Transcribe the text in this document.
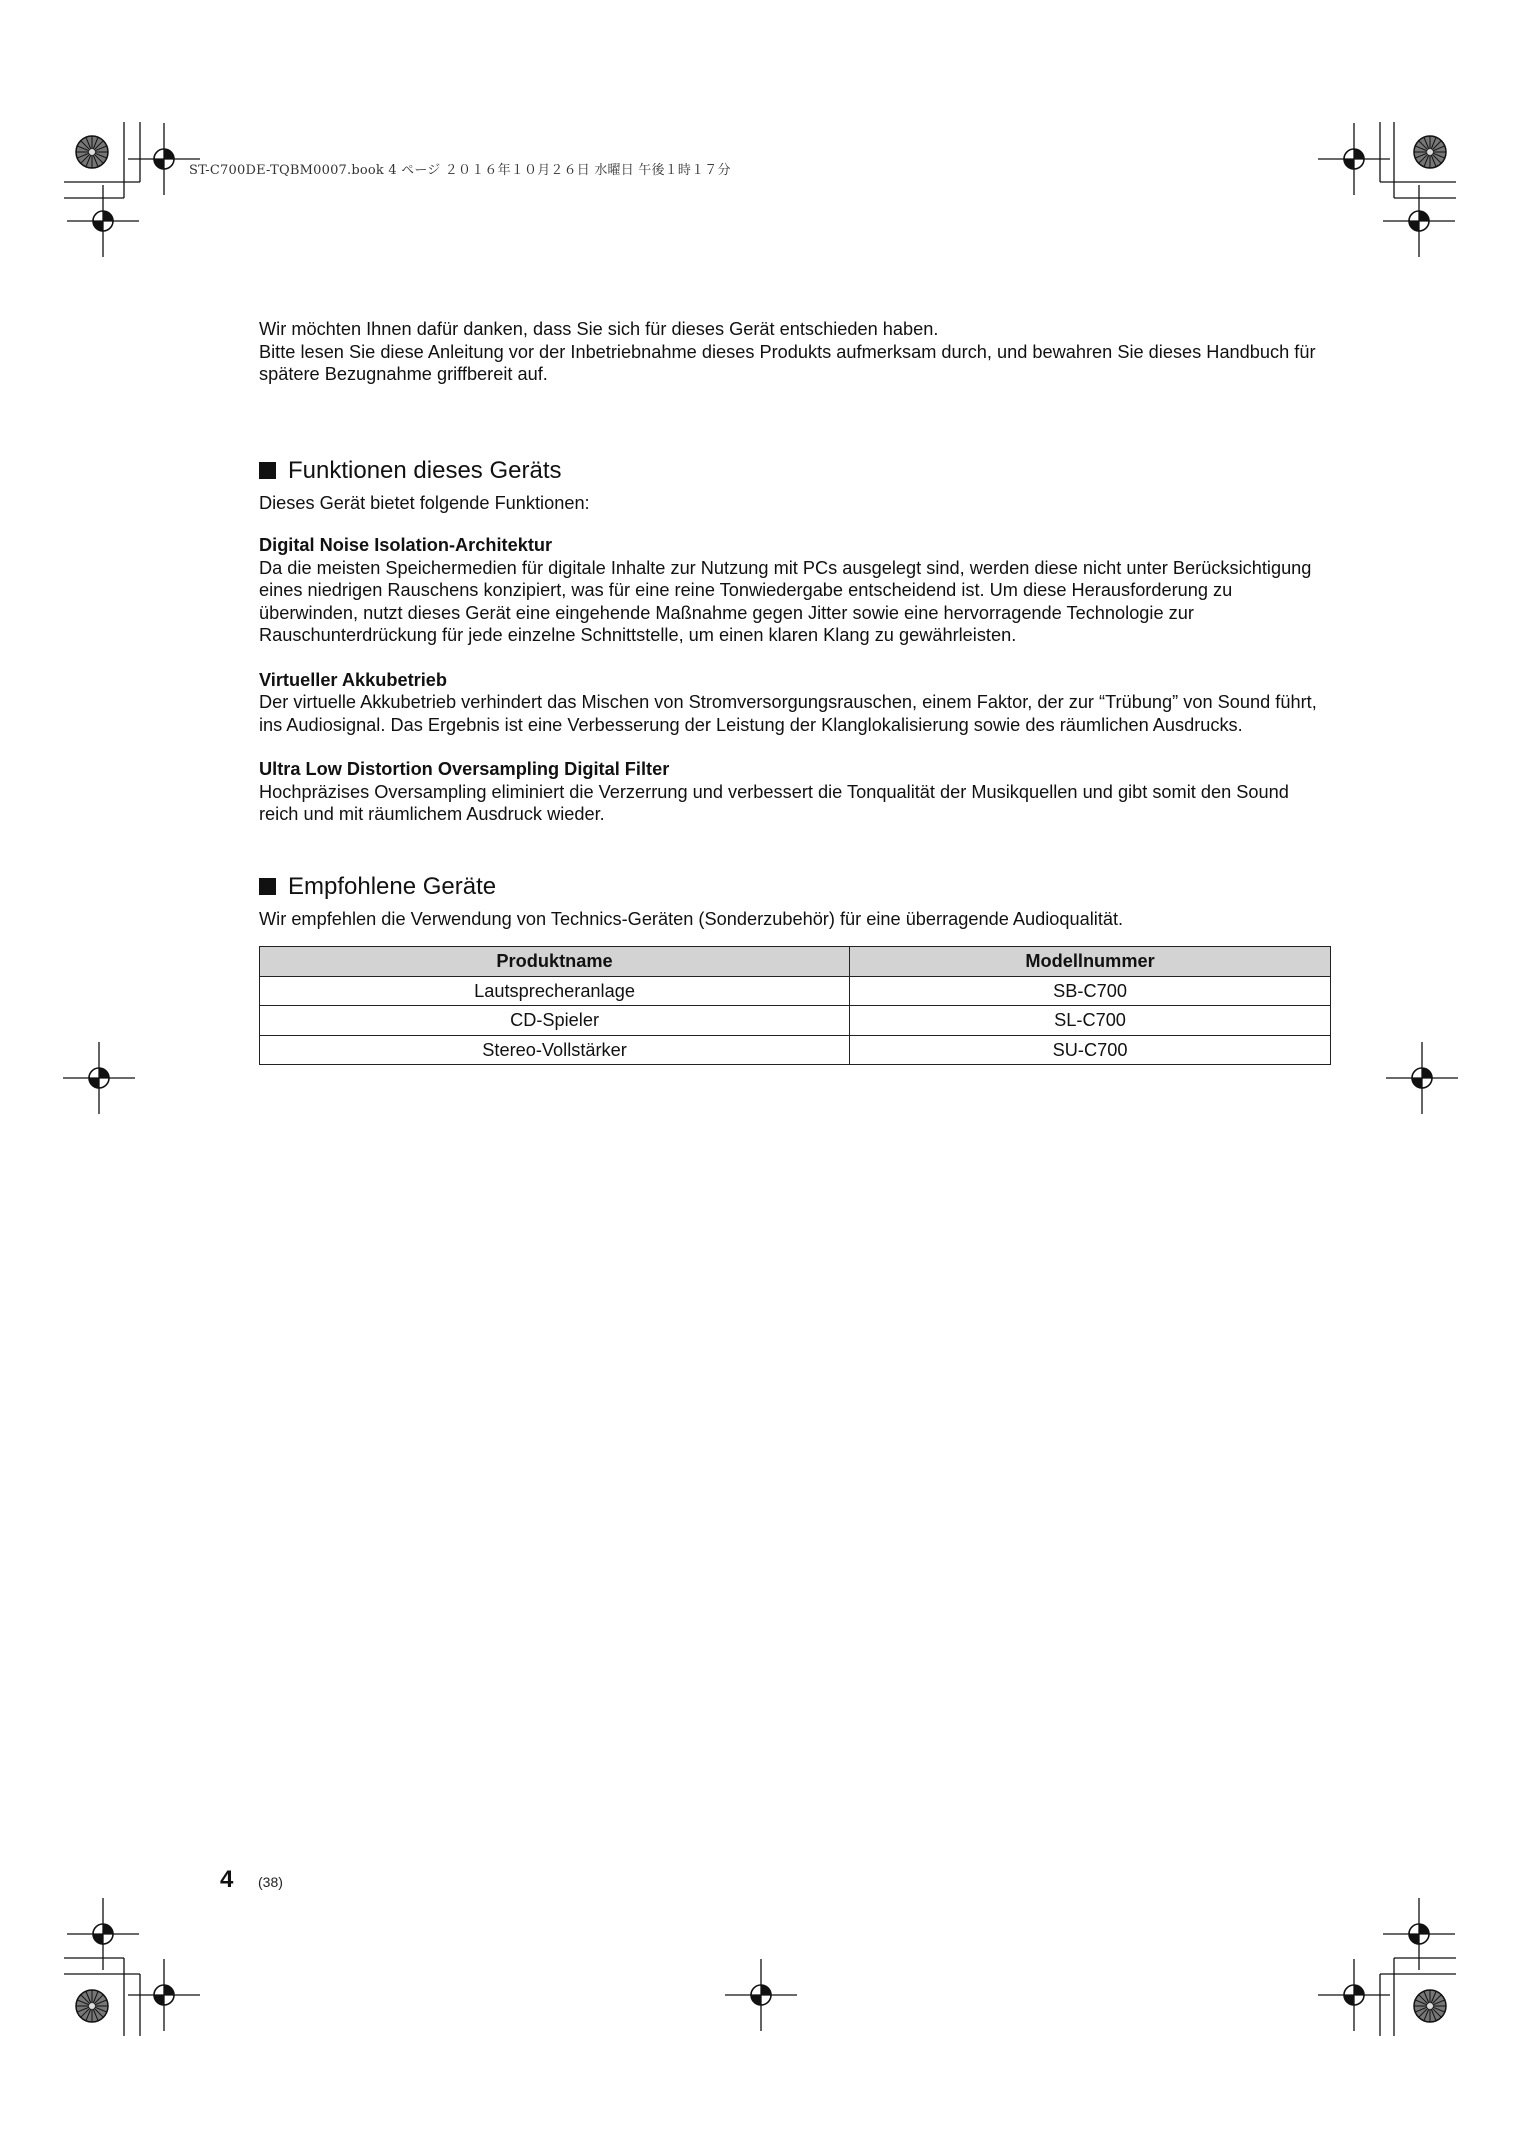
ST-C700DE-TQBM0007.book 4 ページ ２０１６年１０月２６日 水曜日 午後１時１７分

Wir möchten Ihnen dafür danken, dass Sie sich für dieses Gerät entschieden haben.

Bitte lesen Sie diese Anleitung vor der Inbetriebnahme dieses Produkts aufmerksam durch, und bewahren Sie dieses Handbuch für spätere Bezugnahme griffbereit auf.

Funktionen dieses Geräts

Dieses Gerät bietet folgende Funktionen:

Digital Noise Isolation-Architektur
Da die meisten Speichermedien für digitale Inhalte zur Nutzung mit PCs ausgelegt sind, werden diese nicht unter Berücksichtigung eines niedrigen Rauschens konzipiert, was für eine reine Tonwiedergabe entscheidend ist. Um diese Herausforderung zu überwinden, nutzt dieses Gerät eine eingehende Maßnahme gegen Jitter sowie eine hervorragende Technologie zur Rauschunterdrückung für jede einzelne Schnittstelle, um einen klaren Klang zu gewährleisten.
Virtueller Akkubetrieb
Der virtuelle Akkubetrieb verhindert das Mischen von Stromversorgungsrauschen, einem Faktor, der zur “Trübung” von Sound führt, ins Audiosignal. Das Ergebnis ist eine Verbesserung der Leistung der Klanglokalisierung sowie des räumlichen Ausdrucks.
Ultra Low Distortion Oversampling Digital Filter
Hochpräzises Oversampling eliminiert die Verzerrung und verbessert die Tonqualität der Musikquellen und gibt somit den Sound reich und mit räumlichem Ausdruck wieder.
Empfohlene Geräte

Wir empfehlen die Verwendung von Technics-Geräten (Sonderzubehör) für eine überragende Audioqualität.

Produktname	Modellnummer
Lautsprecheranlage	SB-C700
CD-Spieler	SL-C700
Stereo-Vollstärker	SU-C700
4 (38)
